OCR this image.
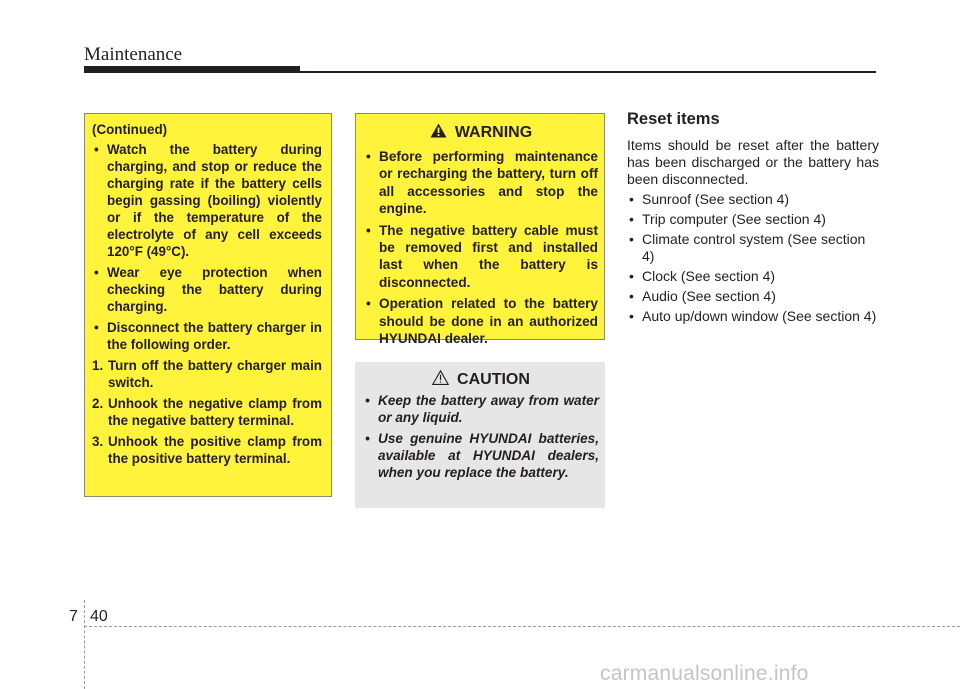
Maintenance
(Continued)
• Watch the battery during charging, and stop or reduce the charging rate if the battery cells begin gassing (boiling) violently or if the temperature of the electrolyte of any cell exceeds 120°F (49°C).
• Wear eye protection when checking the battery during charging.
• Disconnect the battery charger in the following order.
1. Turn off the battery charger main switch.
2. Unhook the negative clamp from the negative battery terminal.
3. Unhook the positive clamp from the positive battery terminal.
WARNING
• Before performing maintenance or recharging the battery, turn off all accessories and stop the engine.
• The negative battery cable must be removed first and installed last when the battery is disconnected.
• Operation related to the battery should be done in an authorized HYUNDAI dealer.
CAUTION
• Keep the battery away from water or any liquid.
• Use genuine HYUNDAI batteries, available at HYUNDAI dealers, when you replace the battery.
Reset items
Items should be reset after the battery has been discharged or the battery has been disconnected.
• Sunroof (See section 4)
• Trip computer (See section 4)
• Climate control system (See section 4)
• Clock (See section 4)
• Audio (See section 4)
• Auto up/down window (See section 4)
7 40
carmanualsonline.info
